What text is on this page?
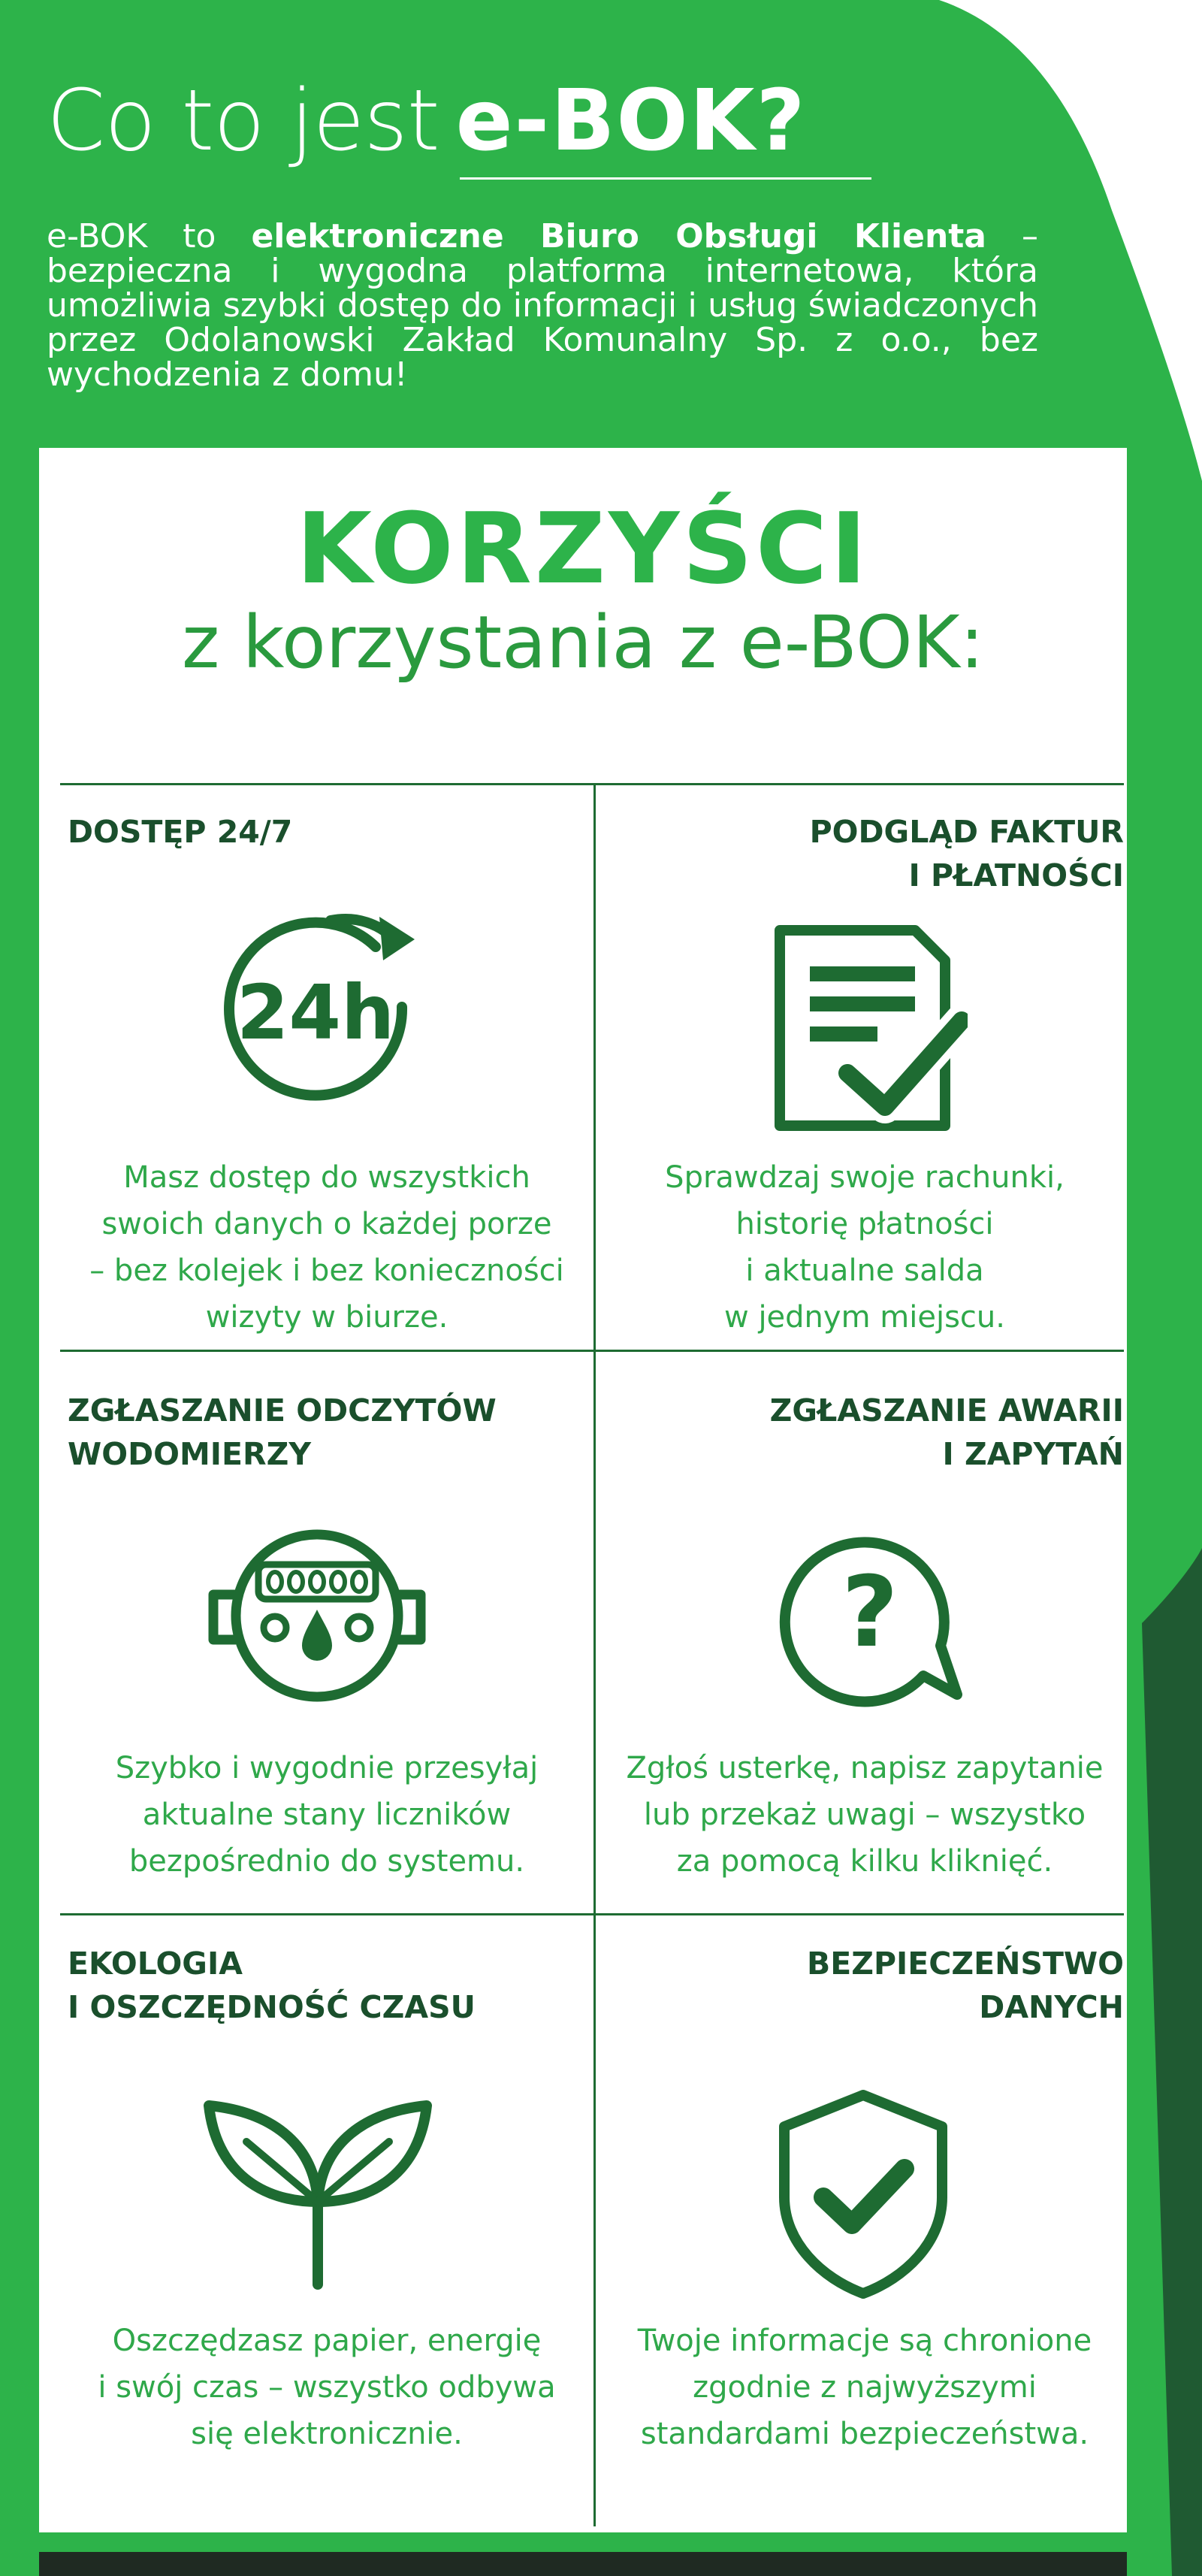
Co to jest e-BOK?
e-BOK to elektroniczne Biuro Obsługi Klienta – bezpieczna i wygodna platforma internetowa, która umożliwia szybki dostęp do informacji i usług świadczonych przez Odolanowski Zakład Komunalny Sp. z o.o., bez wychodzenia z domu!
KORZYŚCI
z korzystania z e-BOK:
DOSTĘP 24/7
24h
Masz dostęp do wszystkich
swoich danych o każdej porze
– bez kolejek i bez konieczności
wizyty w biurze.
PODGLĄD FAKTUR
I PŁATNOŚCI
Sprawdzaj swoje rachunki,
historię płatności
i aktualne salda
w jednym miejscu.
ZGŁASZANIE ODCZYTÓW
WODOMIERZY
Szybko i wygodnie przesyłaj
aktualne stany liczników
bezpośrednio do systemu.
ZGŁASZANIE AWARII
I ZAPYTAŃ
?
Zgłoś usterkę, napisz zapytanie
lub przekaż uwagi – wszystko
za pomocą kilku kliknięć.
EKOLOGIA
I OSZCZĘDNOŚĆ CZASU
Oszczędzasz papier, energię
i swój czas – wszystko odbywa
się elektronicznie.
BEZPIECZEŃSTWO
DANYCH
Twoje informacje są chronione
zgodnie z najwyższymi
standardami bezpieczeństwa.
